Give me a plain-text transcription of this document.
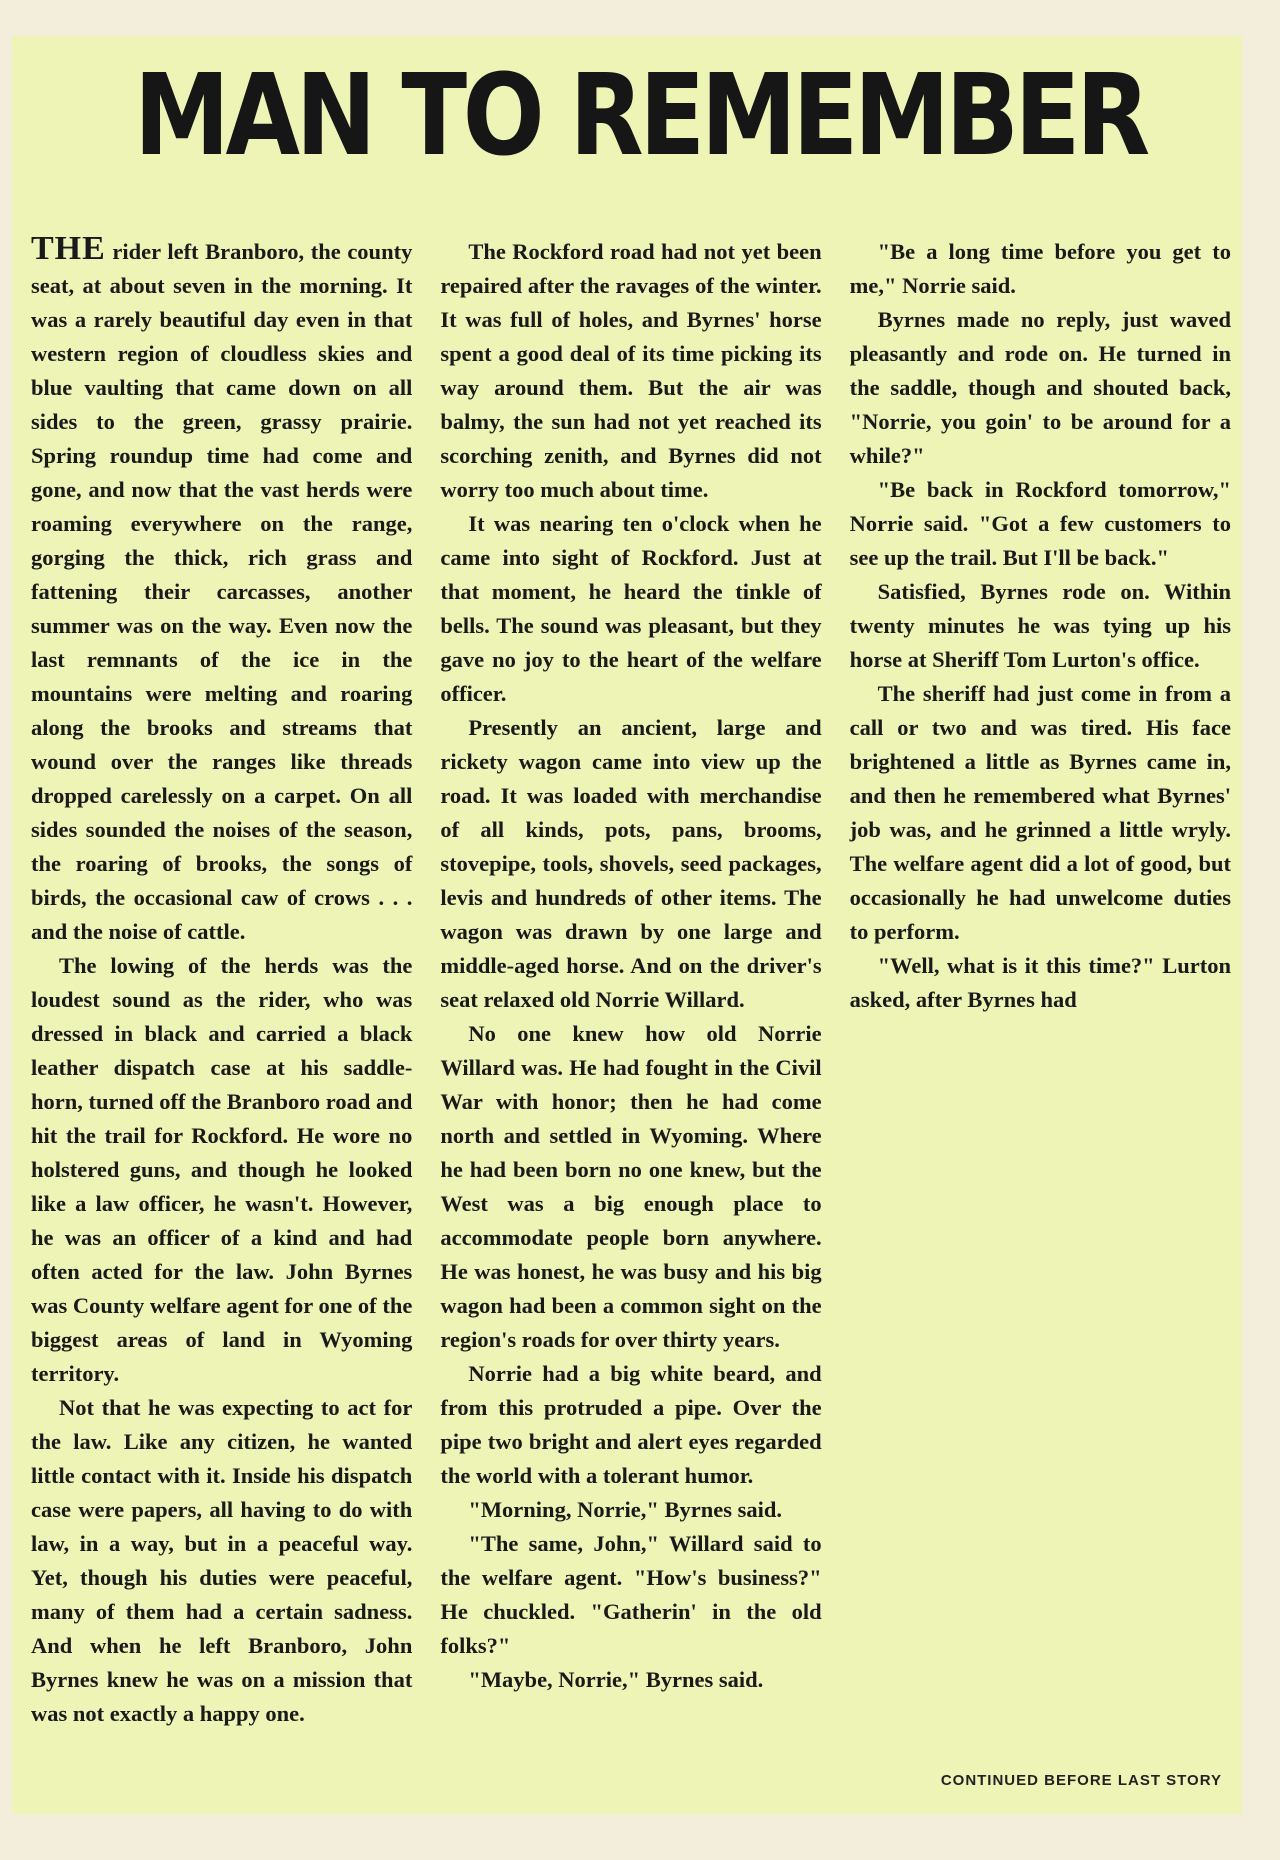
MAN TO REMEMBER

THE rider left Branboro, the county seat, at about seven in the morning. It was a rarely beautiful day even in that western region of cloudless skies and blue vaulting that came down on all sides to the green, grassy prairie. Spring roundup time had come and gone, and now that the vast herds were roaming everywhere on the range, gorging the thick, rich grass and fattening their carcasses, another summer was on the way. Even now the last remnants of the ice in the mountains were melting and roaring along the brooks and streams that wound over the ranges like threads dropped carelessly on a carpet. On all sides sounded the noises of the season, the roaring of brooks, the songs of birds, the occasional caw of crows . . . and the noise of cattle.

The lowing of the herds was the loudest sound as the rider, who was dressed in black and carried a black leather dispatch case at his saddle-horn, turned off the Branboro road and hit the trail for Rockford. He wore no holstered guns, and though he looked like a law officer, he wasn't. However, he was an officer of a kind and had often acted for the law. John Byrnes was County welfare agent for one of the biggest areas of land in Wyoming territory.

Not that he was expecting to act for the law. Like any citizen, he wanted little contact with it. Inside his dispatch case were papers, all having to do with law, in a way, but in a peaceful way. Yet, though his duties were peaceful, many of them had a certain sadness. And when he left Branboro, John Byrnes knew he was on a mission that was not exactly a happy one.

The Rockford road had not yet been repaired after the ravages of the winter. It was full of holes, and Byrnes' horse spent a good deal of its time picking its way around them. But the air was balmy, the sun had not yet reached its scorching zenith, and Byrnes did not worry too much about time.

It was nearing ten o'clock when he came into sight of Rockford. Just at that moment, he heard the tinkle of bells. The sound was pleasant, but they gave no joy to the heart of the welfare officer.

Presently an ancient, large and rickety wagon came into view up the road. It was loaded with merchandise of all kinds, pots, pans, brooms, stovepipe, tools, shovels, seed packages, levis and hundreds of other items. The wagon was drawn by one large and middle-aged horse. And on the driver's seat relaxed old Norrie Willard.

No one knew how old Norrie Willard was. He had fought in the Civil War with honor; then he had come north and settled in Wyoming. Where he had been born no one knew, but the West was a big enough place to accommodate people born anywhere. He was honest, he was busy and his big wagon had been a common sight on the region's roads for over thirty years.

Norrie had a big white beard, and from this protruded a pipe. Over the pipe two bright and alert eyes regarded the world with a tolerant humor.

"Morning, Norrie," Byrnes said.

"The same, John," Willard said to the welfare agent. "How's business?" He chuckled. "Gatherin' in the old folks?"

"Maybe, Norrie," Byrnes said.

"Be a long time before you get to me," Norrie said.

Byrnes made no reply, just waved pleasantly and rode on. He turned in the saddle, though and shouted back, "Norrie, you goin' to be around for a while?"

"Be back in Rockford tomorrow," Norrie said. "Got a few customers to see up the trail. But I'll be back."

Satisfied, Byrnes rode on. Within twenty minutes he was tying up his horse at Sheriff Tom Lurton's office.

The sheriff had just come in from a call or two and was tired. His face brightened a little as Byrnes came in, and then he remembered what Byrnes' job was, and he grinned a little wryly. The welfare agent did a lot of good, but occasionally he had unwelcome duties to perform.

"Well, what is it this time?" Lurton asked, after Byrnes had

CONTINUED BEFORE LAST STORY
